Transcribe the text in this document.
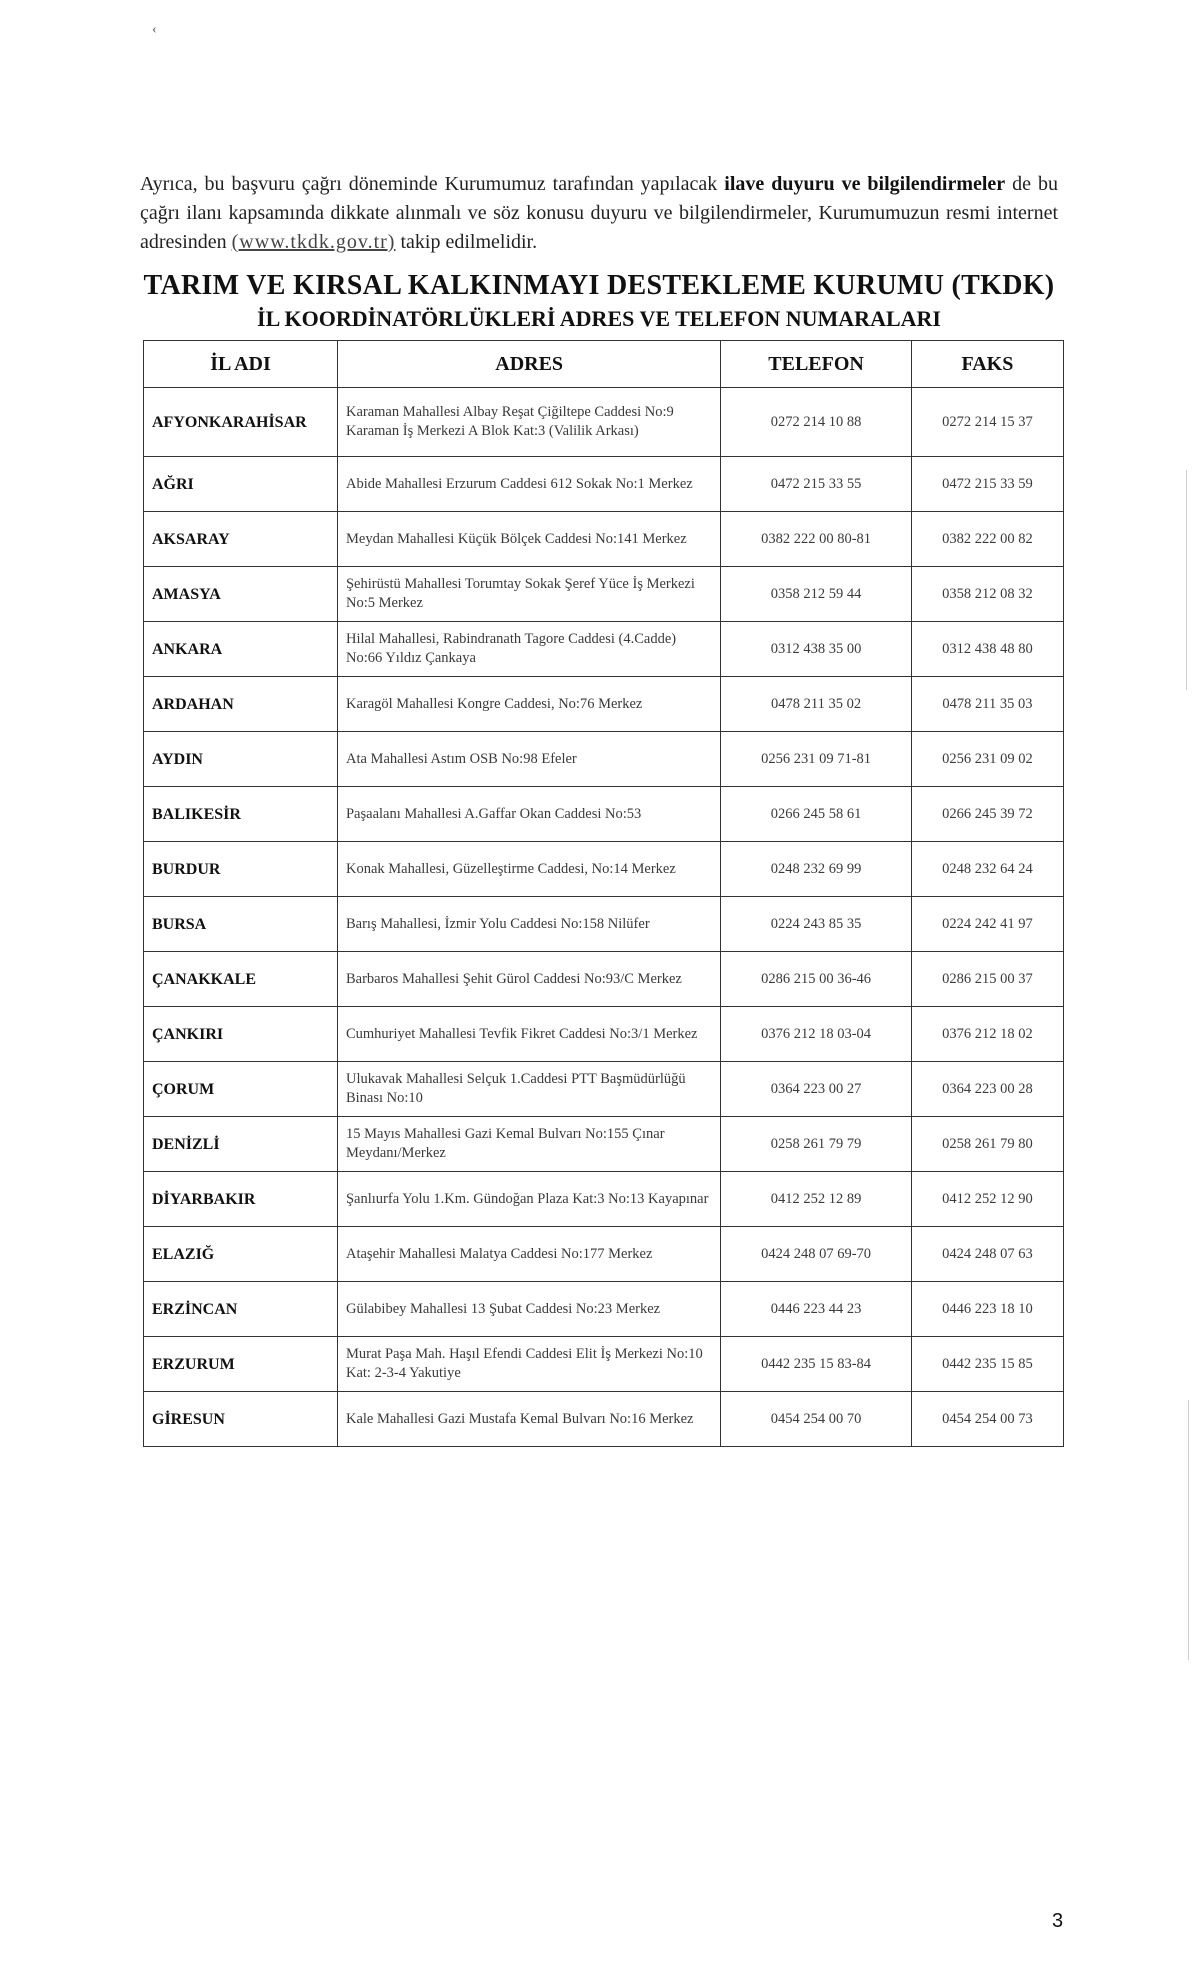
‹

Ayrıca, bu başvuru çağrı döneminde Kurumumuz tarafından yapılacak ilave duyuru ve bilgilendirmeler de bu çağrı ilanı kapsamında dikkate alınmalı ve söz konusu duyuru ve bilgilendirmeler, Kurumumuzun resmi internet adresinden (www.tkdk.gov.tr) takip edilmelidir.

TARIM VE KIRSAL KALKINMAYI DESTEKLEME KURUMU (TKDK)
İL KOORDİNATÖRLÜKLERİ ADRES VE TELEFON NUMARALARI
İL ADI	ADRES	TELEFON	FAKS
AFYONKARAHİSAR	Karaman Mahallesi Albay Reşat Çiğiltepe Caddesi No:9 Karaman İş Merkezi A Blok Kat:3 (Valilik Arkası)	0272 214 10 88	0272 214 15 37
AĞRI	Abide Mahallesi Erzurum Caddesi 612 Sokak No:1 Merkez	0472 215 33 55	0472 215 33 59
AKSARAY	Meydan Mahallesi Küçük Bölçek Caddesi No:141 Merkez	0382 222 00 80-81	0382 222 00 82
AMASYA	Şehirüstü Mahallesi Torumtay Sokak Şeref Yüce İş Merkezi No:5 Merkez	0358 212 59 44	0358 212 08 32
ANKARA	Hilal Mahallesi, Rabindranath Tagore Caddesi (4.Cadde) No:66 Yıldız Çankaya	0312 438 35 00	0312 438 48 80
ARDAHAN	Karagöl Mahallesi Kongre Caddesi, No:76 Merkez	0478 211 35 02	0478 211 35 03
AYDIN	Ata Mahallesi Astım OSB No:98 Efeler	0256 231 09 71-81	0256 231 09 02
BALIKESİR	Paşaalanı Mahallesi A.Gaffar Okan Caddesi No:53	0266 245 58 61	0266 245 39 72
BURDUR	Konak Mahallesi, Güzelleştirme Caddesi, No:14 Merkez	0248 232 69 99	0248 232 64 24
BURSA	Barış Mahallesi, İzmir Yolu Caddesi No:158 Nilüfer	0224 243 85 35	0224 242 41 97
ÇANAKKALE	Barbaros Mahallesi Şehit Gürol Caddesi No:93/C Merkez	0286 215 00 36-46	0286 215 00 37
ÇANKIRI	Cumhuriyet Mahallesi Tevfik Fikret Caddesi No:3/1 Merkez	0376 212 18 03-04	0376 212 18 02
ÇORUM	Ulukavak Mahallesi Selçuk 1.Caddesi PTT Başmüdürlüğü Binası No:10	0364 223 00 27	0364 223 00 28
DENİZLİ	15 Mayıs Mahallesi Gazi Kemal Bulvarı No:155 Çınar Meydanı/Merkez	0258 261 79 79	0258 261 79 80
DİYARBAKIR	Şanlıurfa Yolu 1.Km. Gündoğan Plaza Kat:3 No:13 Kayapınar	0412 252 12 89	0412 252 12 90
ELAZIĞ	Ataşehir Mahallesi Malatya Caddesi No:177 Merkez	0424 248 07 69-70	0424 248 07 63
ERZİNCAN	Gülabibey Mahallesi 13 Şubat Caddesi No:23 Merkez	0446 223 44 23	0446 223 18 10
ERZURUM	Murat Paşa Mah. Haşıl Efendi Caddesi Elit İş Merkezi No:10 Kat: 2-3-4 Yakutiye	0442 235 15 83-84	0442 235 15 85
GİRESUN	Kale Mahallesi Gazi Mustafa Kemal Bulvarı No:16 Merkez	0454 254 00 70	0454 254 00 73
3
